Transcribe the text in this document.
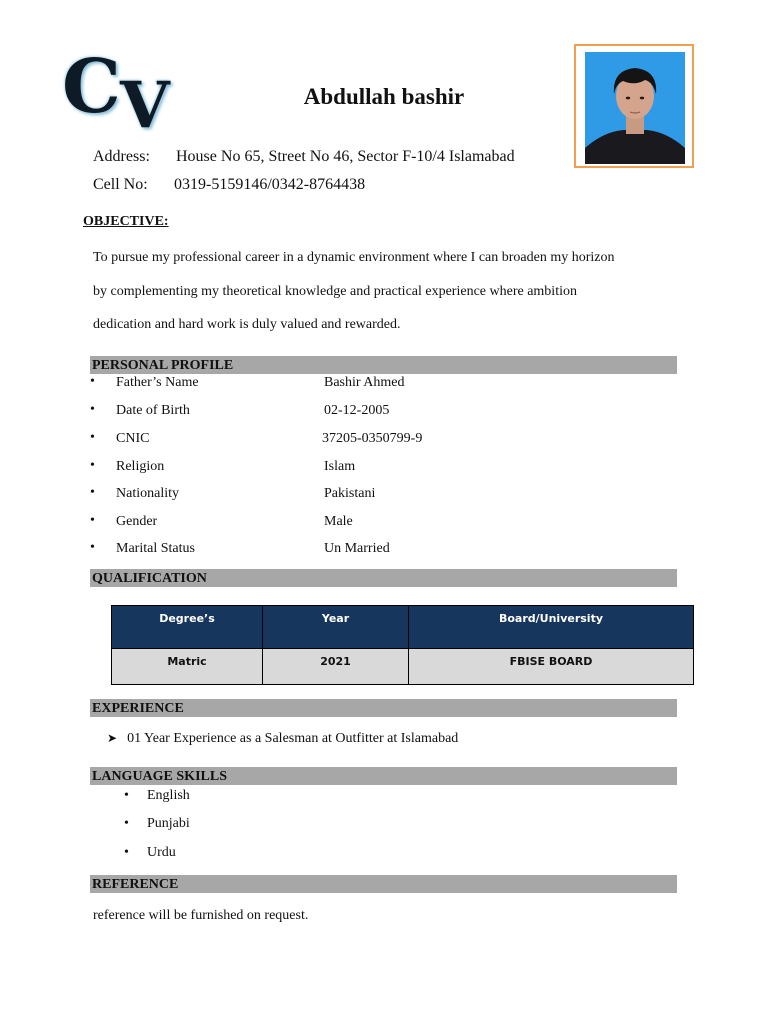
C V	Abdullah bashir
Address: House No 65, Street No 46, Sector F-10/4 Islamabad
Cell No: 0319-5159146/0342-8764438
OBJECTIVE:
To pursue my professional career in a dynamic environment where I can broaden my horizon
by complementing my theoretical knowledge and practical experience where ambition
dedication and hard work is duly valued and rewarded.
PERSONAL PROFILE
• Father’s Name	Bashir Ahmed
• Date of Birth	02-12-2005
• CNIC	37205-0350799-9
• Religion	Islam
• Nationality	Pakistani
• Gender	Male
• Marital Status	Un Married
QUALIFICATION
Degree’s	Year	Board/University
Matric	2021	FBISE BOARD
EXPERIENCE
➤ 01 Year Experience as a Salesman at Outfitter at Islamabad
LANGUAGE SKILLS
• English
• Punjabi
• Urdu
REFERENCE
reference will be furnished on request.
